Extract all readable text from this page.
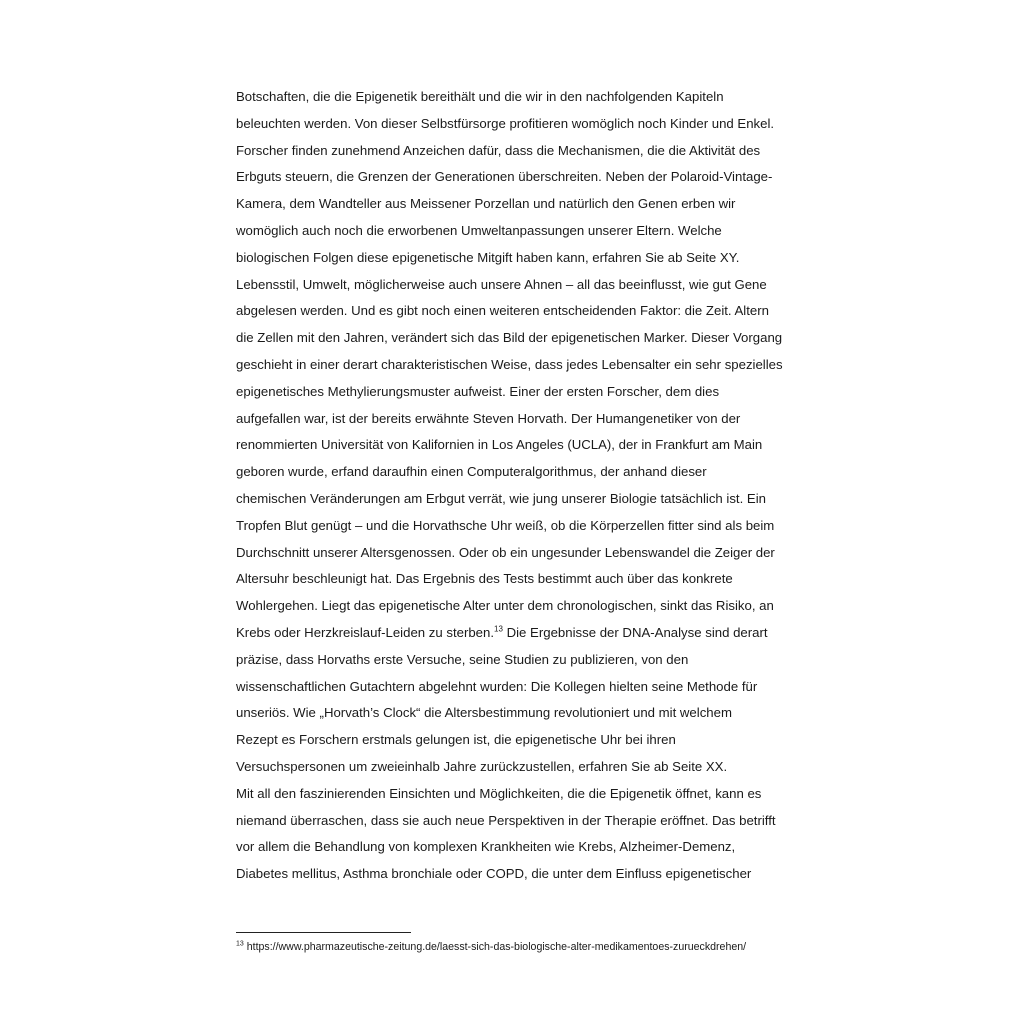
Botschaften, die die Epigenetik bereithält und die wir in den nachfolgenden Kapiteln
beleuchten werden. Von dieser Selbstfürsorge profitieren womöglich noch Kinder und Enkel.
Forscher finden zunehmend Anzeichen dafür, dass die Mechanismen, die die Aktivität des
Erbguts steuern, die Grenzen der Generationen überschreiten. Neben der Polaroid-Vintage-
Kamera, dem Wandteller aus Meissener Porzellan und natürlich den Genen erben wir
womöglich auch noch die erworbenen Umweltanpassungen unserer Eltern. Welche
biologischen Folgen diese epigenetische Mitgift haben kann, erfahren Sie ab Seite XY.
Lebensstil, Umwelt, möglicherweise auch unsere Ahnen – all das beeinflusst, wie gut Gene
abgelesen werden. Und es gibt noch einen weiteren entscheidenden Faktor: die Zeit. Altern
die Zellen mit den Jahren, verändert sich das Bild der epigenetischen Marker. Dieser Vorgang
geschieht in einer derart charakteristischen Weise, dass jedes Lebensalter ein sehr spezielles
epigenetisches Methylierungsmuster aufweist. Einer der ersten Forscher, dem dies
aufgefallen war, ist der bereits erwähnte Steven Horvath. Der Humangenetiker von der
renommierten Universität von Kalifornien in Los Angeles (UCLA), der in Frankfurt am Main
geboren wurde, erfand daraufhin einen Computeralgorithmus, der anhand dieser
chemischen Veränderungen am Erbgut verrät, wie jung unserer Biologie tatsächlich ist. Ein
Tropfen Blut genügt – und die Horvathsche Uhr weiß, ob die Körperzellen fitter sind als beim
Durchschnitt unserer Altersgenossen. Oder ob ein ungesunder Lebenswandel die Zeiger der
Altersuhr beschleunigt hat. Das Ergebnis des Tests bestimmt auch über das konkrete
Wohlergehen. Liegt das epigenetische Alter unter dem chronologischen, sinkt das Risiko, an
Krebs oder Herzkreislauf-Leiden zu sterben.$^{13}$ Die Ergebnisse der DNA-Analyse sind derart
präzise, dass Horvaths erste Versuche, seine Studien zu publizieren, von den
wissenschaftlichen Gutachtern abgelehnt wurden: Die Kollegen hielten seine Methode für
unseriös. Wie „Horvath’s Clock“ die Altersbestimmung revolutioniert und mit welchem
Rezept es Forschern erstmals gelungen ist, die epigenetische Uhr bei ihren
Versuchspersonen um zweieinhalb Jahre zurückzustellen, erfahren Sie ab Seite XX.
Mit all den faszinierenden Einsichten und Möglichkeiten, die die Epigenetik öffnet, kann es
niemand überraschen, dass sie auch neue Perspektiven in der Therapie eröffnet. Das betrifft
vor allem die Behandlung von komplexen Krankheiten wie Krebs, Alzheimer-Demenz,
Diabetes mellitus, Asthma bronchiale oder COPD, die unter dem Einfluss epigenetischer
$^{13}$ https://www.pharmazeutische-zeitung.de/laesst-sich-das-biologische-alter-medikamentoes-zurueckdrehen/
